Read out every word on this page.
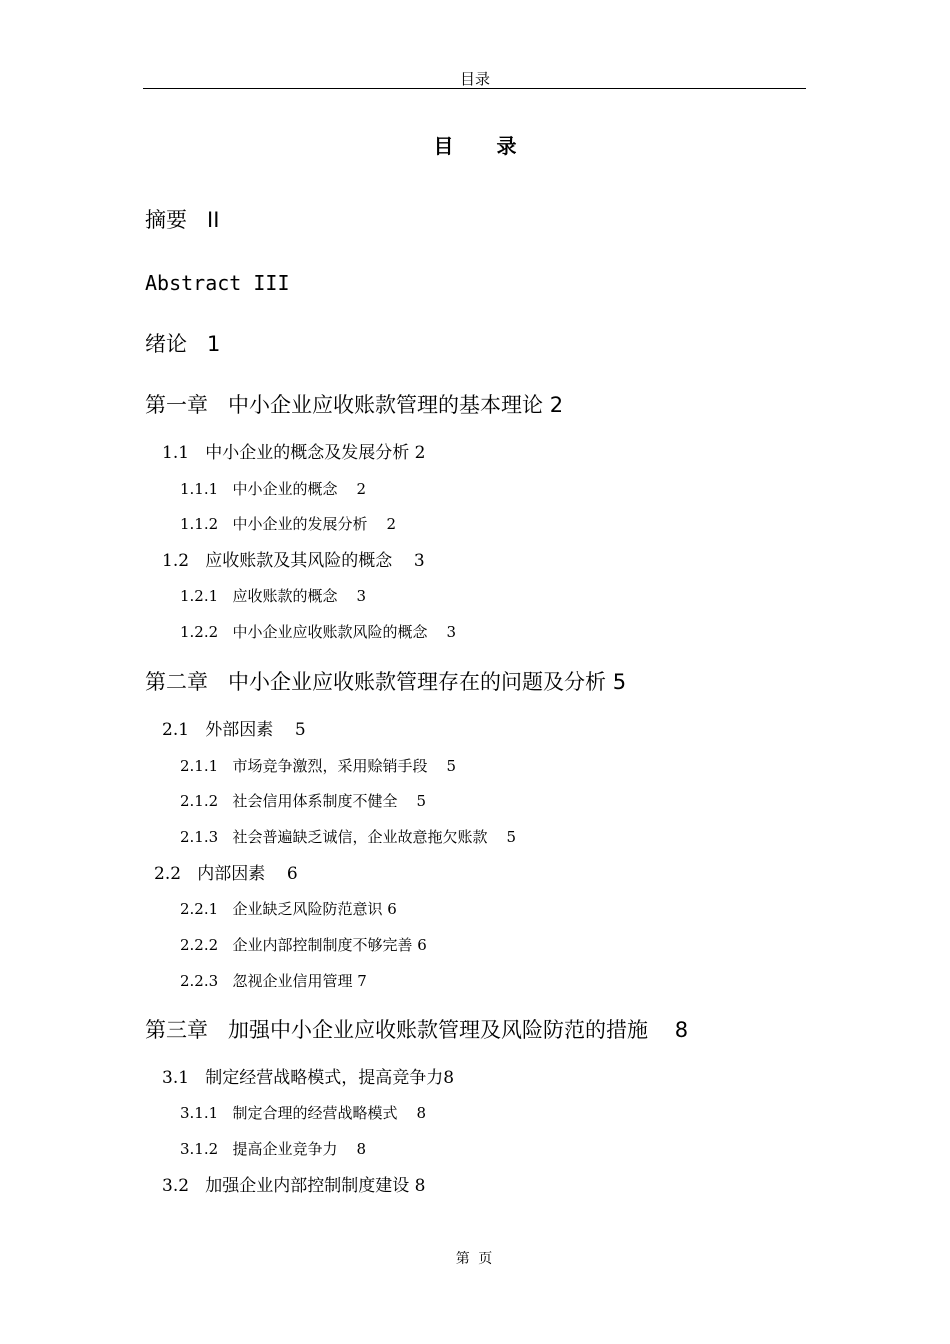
目录
目 录
摘要   II
Abstract III
绪论   1
第一章   中小企业应收账款管理的基本理论 2
1.1   中小企业的概念及发展分析 2
1.1.1   中小企业的概念    2
1.1.2   中小企业的发展分析    2
1.2   应收账款及其风险的概念    3
1.2.1   应收账款的概念    3
1.2.2   中小企业应收账款风险的概念    3
第二章   中小企业应收账款管理存在的问题及分析 5
2.1   外部因素    5
2.1.1   市场竞争激烈，采用赊销手段    5
2.1.2   社会信用体系制度不健全    5
2.1.3   社会普遍缺乏诚信，企业故意拖欠账款    5
2.2   内部因素    6
2.2.1   企业缺乏风险防范意识 6
2.2.2   企业内部控制制度不够完善 6
2.2.3   忽视企业信用管理 7
第三章   加强中小企业应收账款管理及风险防范的措施    8
3.1   制定经营战略模式，提高竞争力8
3.1.1   制定合理的经营战略模式    8
3.1.2   提高企业竞争力    8
3.2   加强企业内部控制制度建设 8
第 页
